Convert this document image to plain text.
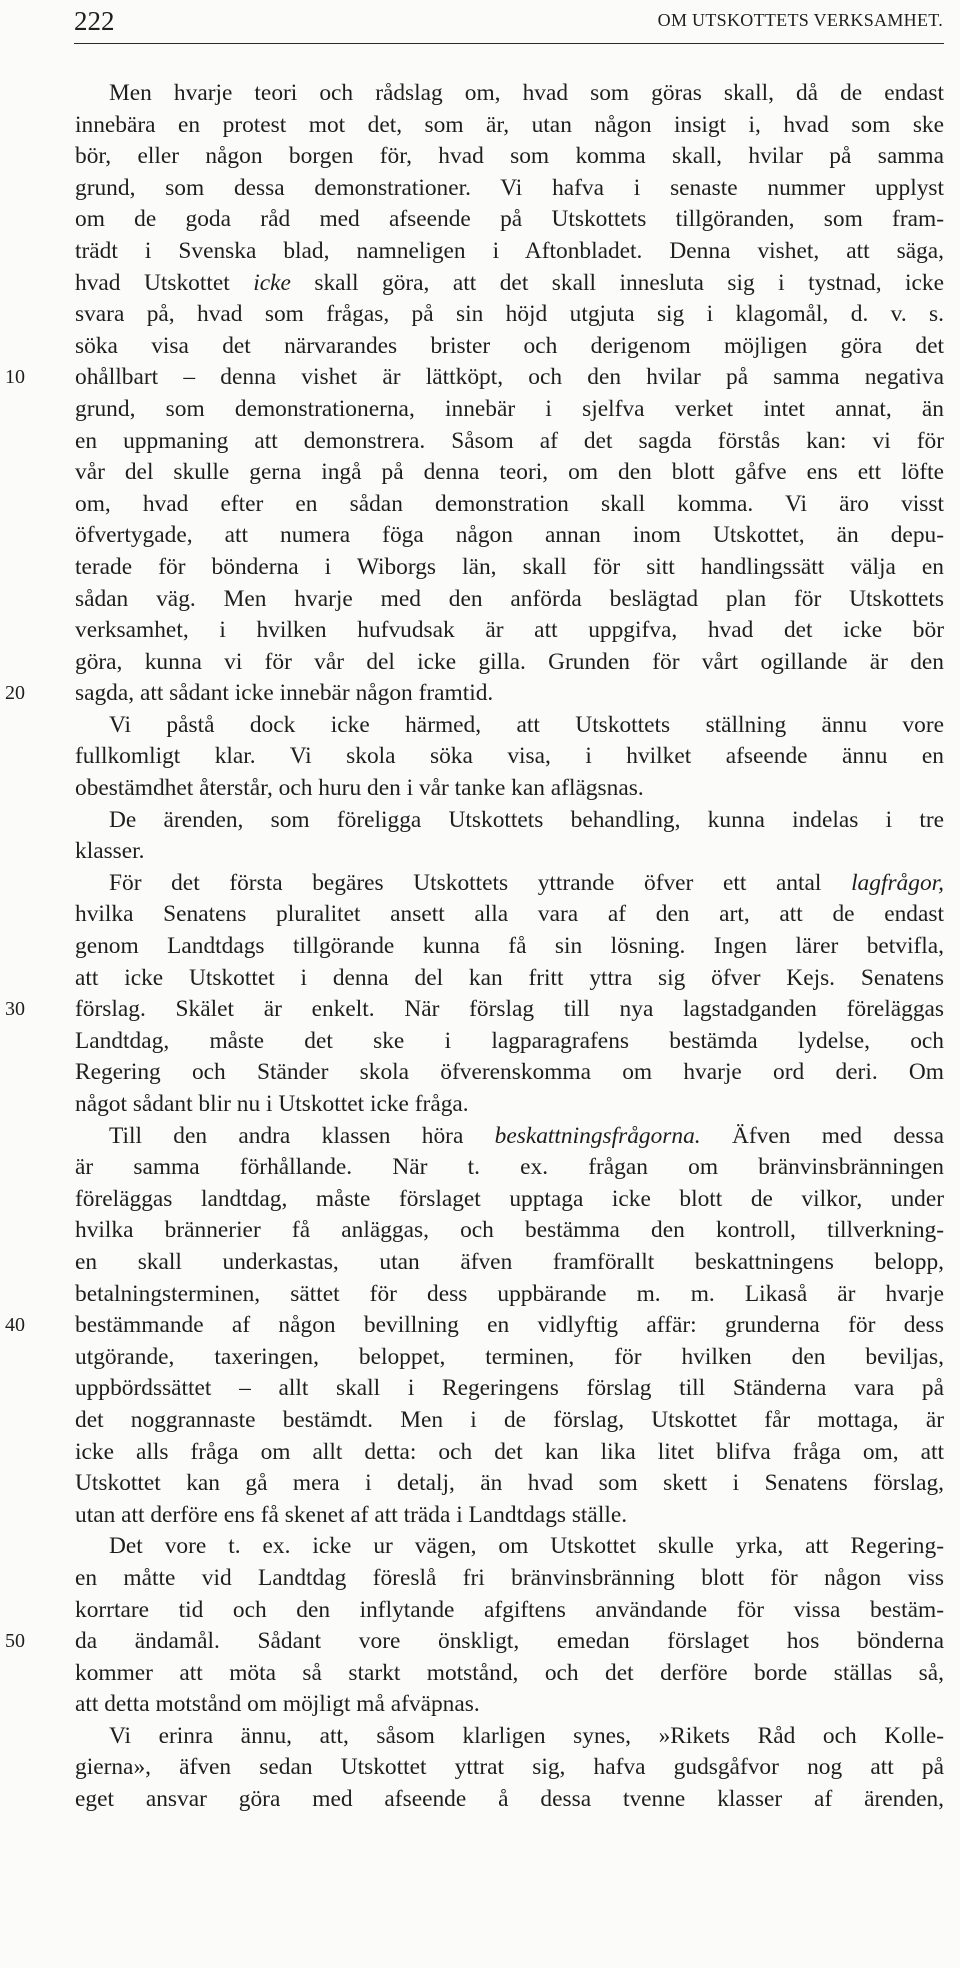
222	OM UTSKOTTETS VERKSAMHET.
10
20
30
40
50
Men hvarje teori och rådslag om, hvad som göras skall, då de endast
innebära en protest mot det, som är, utan någon insigt i, hvad som ske
bör, eller någon borgen för, hvad som komma skall, hvilar på samma
grund, som dessa demonstrationer. Vi hafva i senaste nummer upplyst
om de goda råd med afseende på Utskottets tillgöranden, som fram-
trädt i Svenska blad, namneligen i Aftonbladet. Denna vishet, att säga,
hvad Utskottet icke skall göra, att det skall innesluta sig i tystnad, icke
svara på, hvad som frågas, på sin höjd utgjuta sig i klagomål, d. v. s.
söka visa det närvarandes brister och derigenom möjligen göra det
ohållbart – denna vishet är lättköpt, och den hvilar på samma negativa
grund, som demonstrationerna, innebär i sjelfva verket intet annat, än
en uppmaning att demonstrera. Såsom af det sagda förstås kan: vi för
vår del skulle gerna ingå på denna teori, om den blott gåfve ens ett löfte
om, hvad efter en sådan demonstration skall komma. Vi äro visst
öfvertygade, att numera föga någon annan inom Utskottet, än depu-
terade för bönderna i Wiborgs län, skall för sitt handlingssätt välja en
sådan väg. Men hvarje med den anförda beslägtad plan för Utskottets
verksamhet, i hvilken hufvudsak är att uppgifva, hvad det icke bör
göra, kunna vi för vår del icke gilla. Grunden för vårt ogillande är den
sagda, att sådant icke innebär någon framtid.
Vi påstå dock icke härmed, att Utskottets ställning ännu vore
fullkomligt klar. Vi skola söka visa, i hvilket afseende ännu en
obestämdhet återstår, och huru den i vår tanke kan aflägsnas.
De ärenden, som föreligga Utskottets behandling, kunna indelas i tre
klasser.
För det första begäres Utskottets yttrande öfver ett antal lagfrågor,
hvilka Senatens pluralitet ansett alla vara af den art, att de endast
genom Landtdags tillgörande kunna få sin lösning. Ingen lärer betvifla,
att icke Utskottet i denna del kan fritt yttra sig öfver Kejs. Senatens
förslag. Skälet är enkelt. När förslag till nya lagstadganden föreläggas
Landtdag, måste det ske i lagparagrafens bestämda lydelse, och
Regering och Ständer skola öfverenskomma om hvarje ord deri. Om
något sådant blir nu i Utskottet icke fråga.
Till den andra klassen höra beskattningsfrågorna. Äfven med dessa
är samma förhållande. När t. ex. frågan om bränvinsbränningen
föreläggas landtdag, måste förslaget upptaga icke blott de vilkor, under
hvilka brännerier få anläggas, och bestämma den kontroll, tillverkning-
en skall underkastas, utan äfven framförallt beskattningens belopp,
betalningsterminen, sättet för dess uppbärande m. m. Likaså är hvarje
bestämmande af någon bevillning en vidlyftig affär: grunderna för dess
utgörande, taxeringen, beloppet, terminen, för hvilken den beviljas,
uppbördssättet – allt skall i Regeringens förslag till Ständerna vara på
det noggrannaste bestämdt. Men i de förslag, Utskottet får mottaga, är
icke alls fråga om allt detta: och det kan lika litet blifva fråga om, att
Utskottet kan gå mera i detalj, än hvad som skett i Senatens förslag,
utan att derföre ens få skenet af att träda i Landtdags ställe.
Det vore t. ex. icke ur vägen, om Utskottet skulle yrka, att Regering-
en måtte vid Landtdag föreslå fri bränvinsbränning blott för någon viss
korrtare tid och den inflytande afgiftens användande för vissa bestäm-
da ändamål. Sådant vore önskligt, emedan förslaget hos bönderna
kommer att möta så starkt motstånd, och det derföre borde ställas så,
att detta motstånd om möjligt må afväpnas.
Vi erinra ännu, att, såsom klarligen synes, »Rikets Råd och Kolle-
gierna», äfven sedan Utskottet yttrat sig, hafva gudsgåfvor nog att på
eget ansvar göra med afseende å dessa tvenne klasser af ärenden,
